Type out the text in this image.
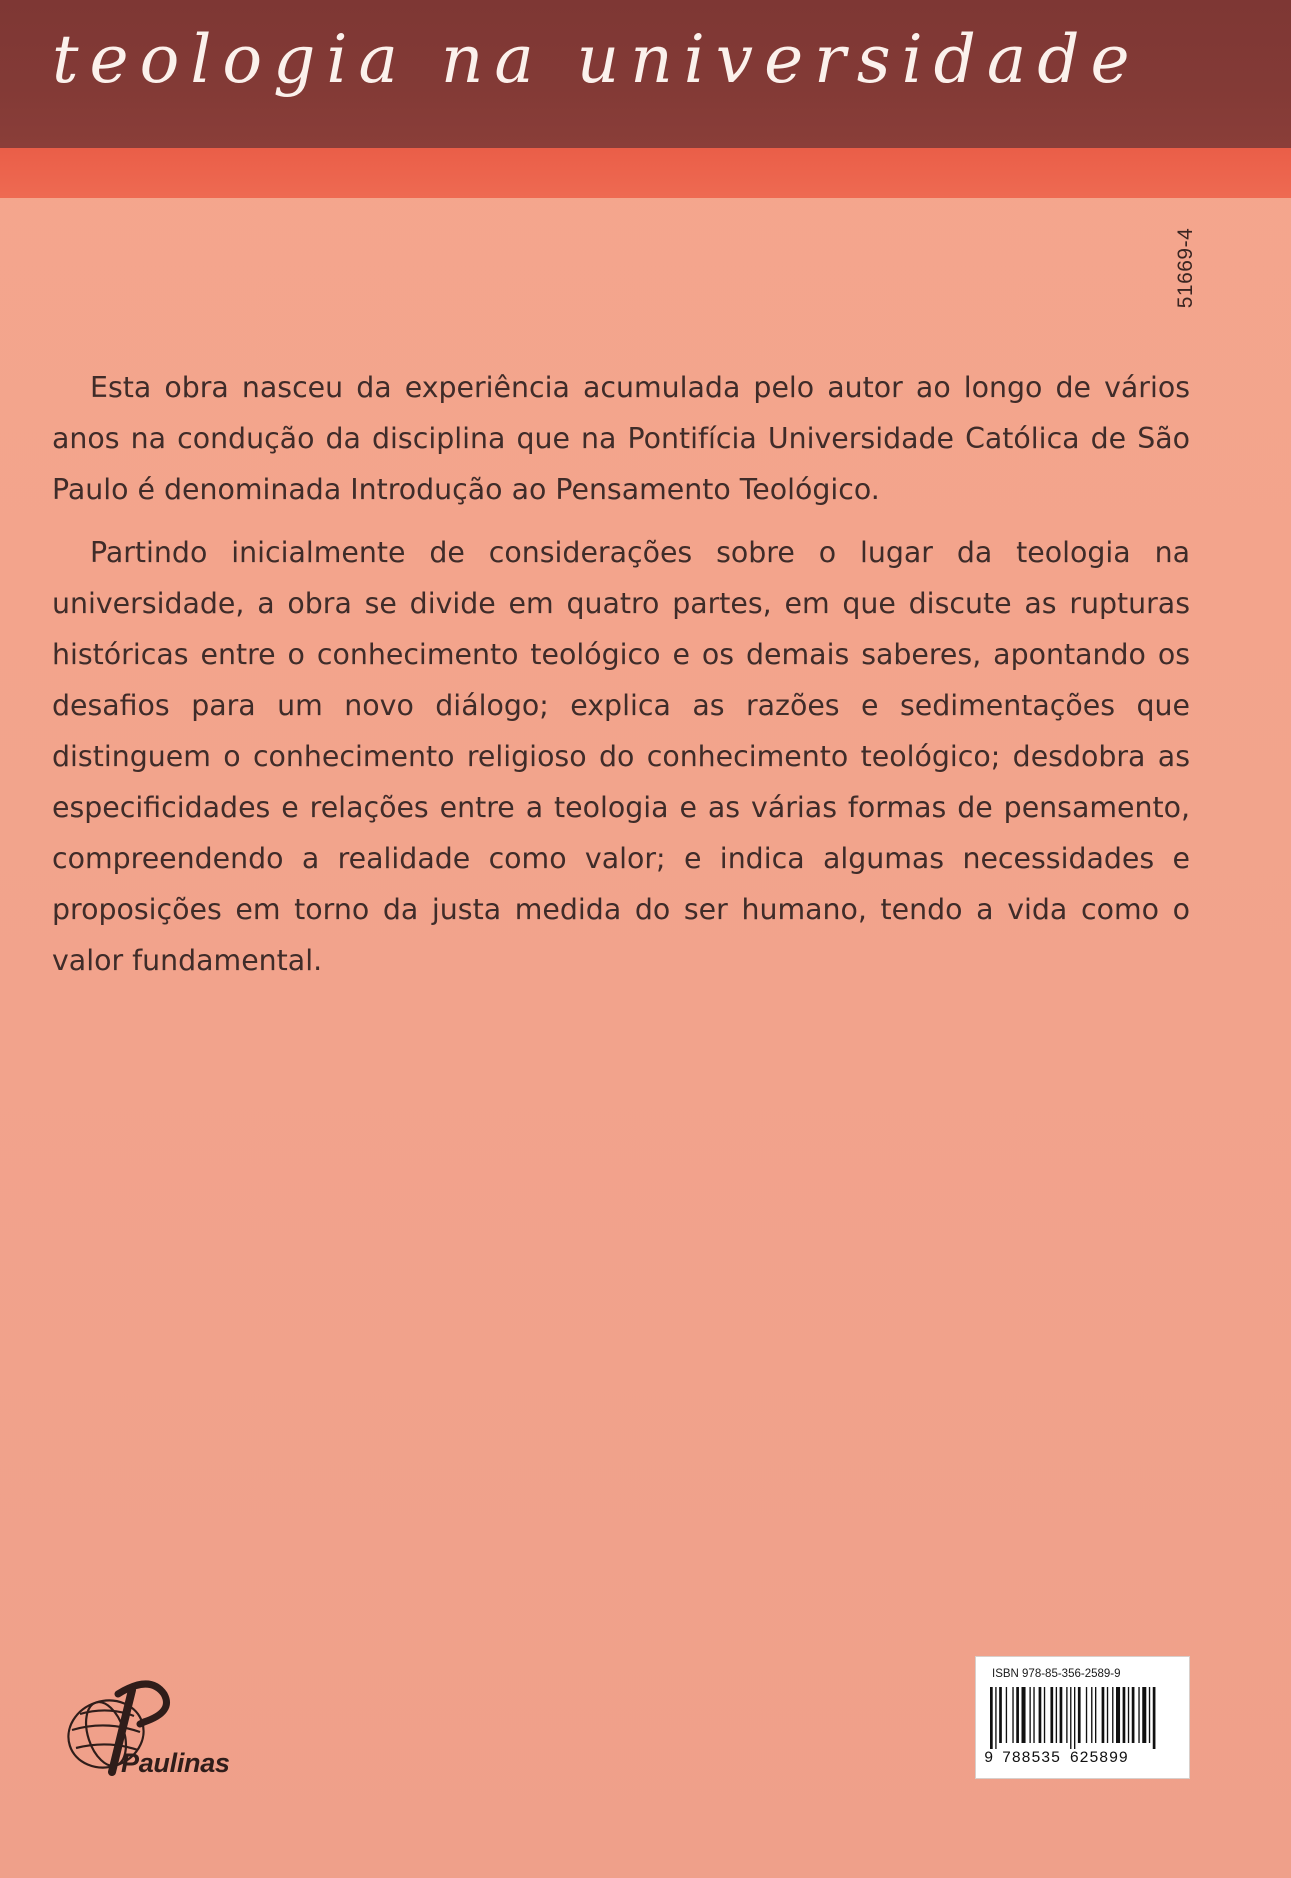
teologia na universidade
51669-4

Esta obra nasceu da experiência acumulada pelo autor ao longo de vários anos na condução da disciplina que na Pontifícia Universidade Católica de São Paulo é denominada Introdução ao Pensamento Teológico.

Partindo inicialmente de considerações sobre o lugar da teologia na universidade, a obra se divide em quatro partes, em que discute as rupturas históricas entre o conhecimento teológico e os demais saberes, apontando os desafios para um novo diálogo; explica as razões e sedimentações que distinguem o conhecimento religioso do conhecimento teológico; desdobra as especificidades e relações entre a teologia e as várias formas de pensamento, compreendendo a realidade como valor; e indica algumas necessidades e proposições em torno da justa medida do ser humano, tendo a vida como o valor fundamental.

Paulinas
ISBN 978-85-356-2589-9
9 788535 625899
